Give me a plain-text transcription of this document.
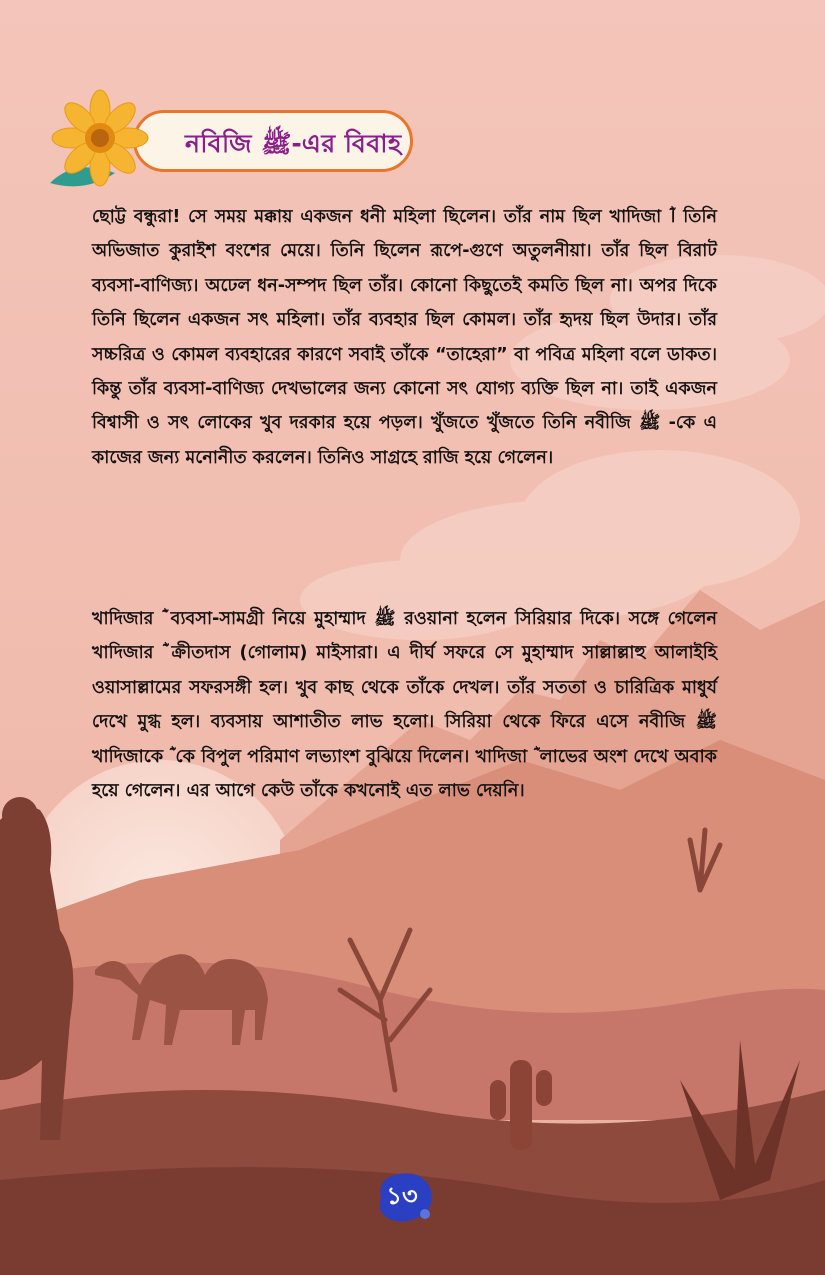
নবিজি ﷺ-এর বিবাহ

ছোট্ট বন্ধুরা! সে সময় মক্কায় একজন ধনী মহিলা ছিলেন। তাঁর নাম ছিল খাদিজা ؓ। তিনি অভিজাত কুরাইশ বংশের মেয়ে। তিনি ছিলেন রূপে-গুণে অতুলনীয়া। তাঁর ছিল বিরাট ব্যবসা-বাণিজ্য। অঢেল ধন-সম্পদ ছিল তাঁর। কোনো কিছুতেই কমতি ছিল না। অপর দিকে তিনি ছিলেন একজন সৎ মহিলা। তাঁর ব্যবহার ছিল কোমল। তাঁর হৃদয় ছিল উদার। তাঁর সচ্চরিত্র ও কোমল ব্যবহারের কারণে সবাই তাঁকে “তাহেরা” বা পবিত্র মহিলা বলে ডাকত। কিন্তু তাঁর ব্যবসা-বাণিজ্য দেখভালের জন্য কোনো সৎ যোগ্য ব্যক্তি ছিল না। তাই একজন বিশ্বাসী ও সৎ লোকের খুব দরকার হয়ে পড়ল। খুঁজতে খুঁজতে তিনি নবীজি ﷺ -কে এ কাজের জন্য মনোনীত করলেন। তিনিও সাগ্রহে রাজি হয়ে গেলেন।

খাদিজার ؓ ব্যবসা-সামগ্রী নিয়ে মুহাম্মাদ ﷺ রওয়ানা হলেন সিরিয়ার দিকে। সঙ্গে গেলেন খাদিজার ؓ ক্রীতদাস (গোলাম) মাইসারা। এ দীর্ঘ সফরে সে মুহাম্মাদ সাল্লাল্লাহু আলাইহি ওয়াসাল্লামের সফরসঙ্গী হল। খুব কাছ থেকে তাঁকে দেখল। তাঁর সততা ও চারিত্রিক মাধুর্য দেখে মুগ্ধ হল। ব্যবসায় আশাতীত লাভ হলো। সিরিয়া থেকে ফিরে এসে নবীজি ﷺ খাদিজাকে ؓ কে বিপুল পরিমাণ লভ্যাংশ বুঝিয়ে দিলেন। খাদিজা ؓ লাভের অংশ দেখে অবাক হয়ে গেলেন। এর আগে কেউ তাঁকে কখনোই এত লাভ দেয়নি।

১৩
